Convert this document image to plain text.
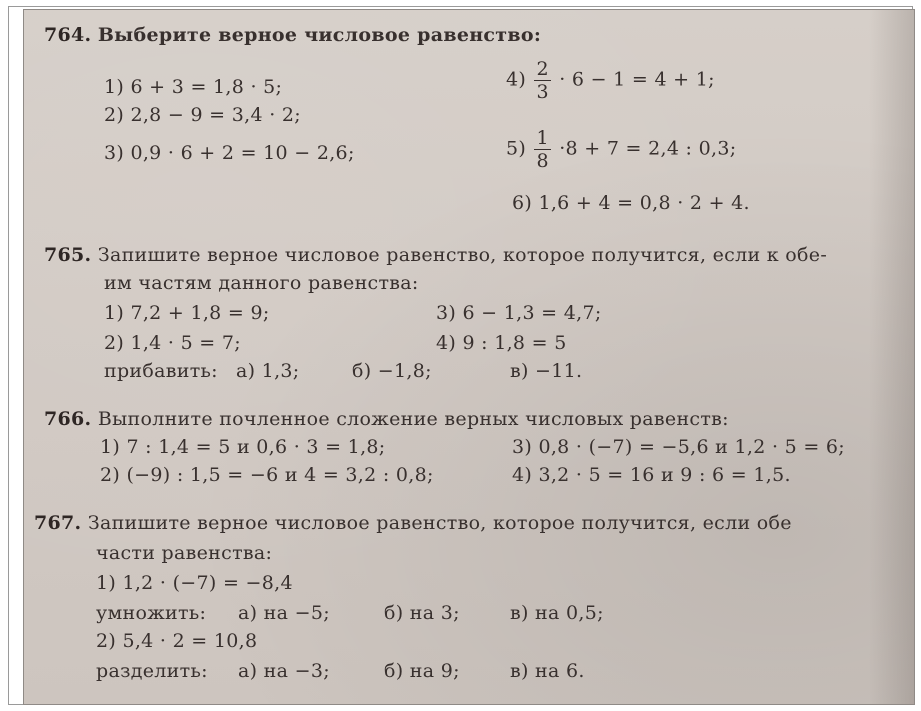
764. Выберите верное числовое равенство:
1) 6 + 3 = 1,8 · 5;
2) 2,8 − 9 = 3,4 · 2;
3) 0,9 · 6 + 2 = 10 − 2,6;
$4) \frac{2}{3} \cdot 6 - 1 = 4 + 1$;
$5) \frac{1}{8} \cdot 8 + 7 = 2,4$ : 0,3;
6) 1,6 + 4 = 0,8 · 2 + 4.
765. Запишите верное числовое равенство, которое получится, если к обе-
им частям данного равенства:
1) 7,2 + 1,8 = 9;	3) 6 − 1,3 = 4,7;
2) 1,4 · 5 = 7;	4) 9 : 1,8 = 5
прибавить: а) 1,3;	б) −1,8;	в) −11.
766. Выполните почленное сложение верных числовых равенств:
1) 7 : 1,4 = 5 и 0,6 · 3 = 1,8;	3) 0,8 · (−7) = −5,6 и 1,2 · 5 = 6;
2) (−9) : 1,5 = −6 и 4 = 3,2 : 0,8;	4) 3,2 · 5 = 16 и 9 : 6 = 1,5.
767. Запишите верное числовое равенство, которое получится, если обе
части равенства:
1) 1,2 · (−7) = −8,4
умножить: а) на −5;	б) на 3;	в) на 0,5;
2) 5,4 · 2 = 10,8
разделить: а) на −3;	б) на 9;	в) на 6.
